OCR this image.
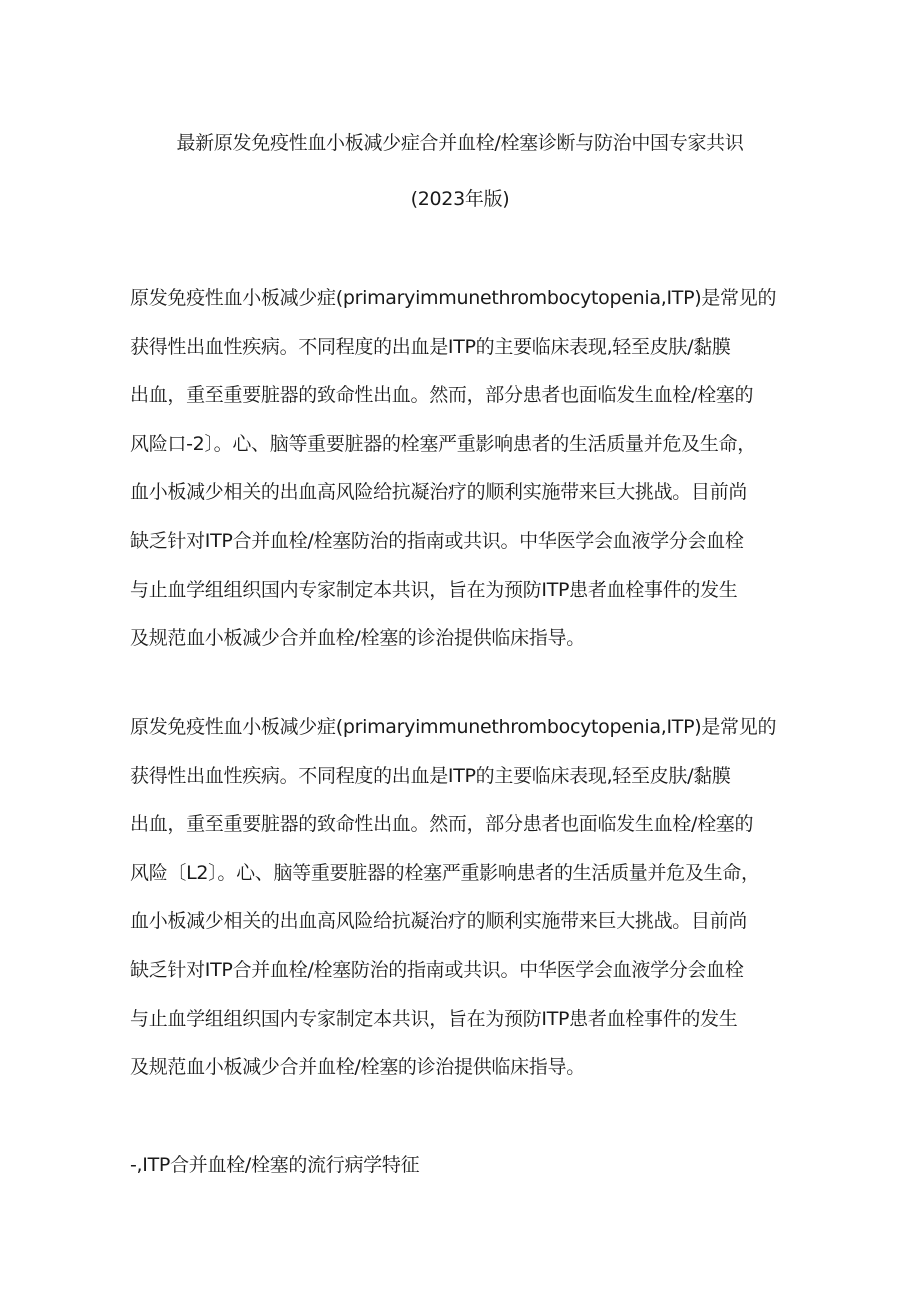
最新原发免疫性血小板减少症合并血栓/栓塞诊断与防治中国专家共识
(2023年版)
原发免疫性血小板减少症(primaryimmunethrombocytopenia,ITP)是常见的
获得性出血性疾病。不同程度的出血是ITP的主要临床表现,轻至皮肤/黏膜
出血，重至重要脏器的致命性出血。然而，部分患者也面临发生血栓/栓塞的
风险口-2〕。心、脑等重要脏器的栓塞严重影响患者的生活质量并危及生命，
血小板减少相关的出血高风险给抗凝治疗的顺利实施带来巨大挑战。目前尚
缺乏针对ITP合并血栓/栓塞防治的指南或共识。中华医学会血液学分会血栓
与止血学组组织国内专家制定本共识，旨在为预防ITP患者血栓事件的发生
及规范血小板减少合并血栓/栓塞的诊治提供临床指导。
原发免疫性血小板减少症(primaryimmunethrombocytopenia,ITP)是常见的
获得性出血性疾病。不同程度的出血是ITP的主要临床表现,轻至皮肤/黏膜
出血，重至重要脏器的致命性出血。然而，部分患者也面临发生血栓/栓塞的
风险〔L2〕。心、脑等重要脏器的栓塞严重影响患者的生活质量并危及生命，
血小板减少相关的出血高风险给抗凝治疗的顺利实施带来巨大挑战。目前尚
缺乏针对ITP合并血栓/栓塞防治的指南或共识。中华医学会血液学分会血栓
与止血学组组织国内专家制定本共识，旨在为预防ITP患者血栓事件的发生
及规范血小板减少合并血栓/栓塞的诊治提供临床指导。
-,ITP合并血栓/栓塞的流行病学特征
